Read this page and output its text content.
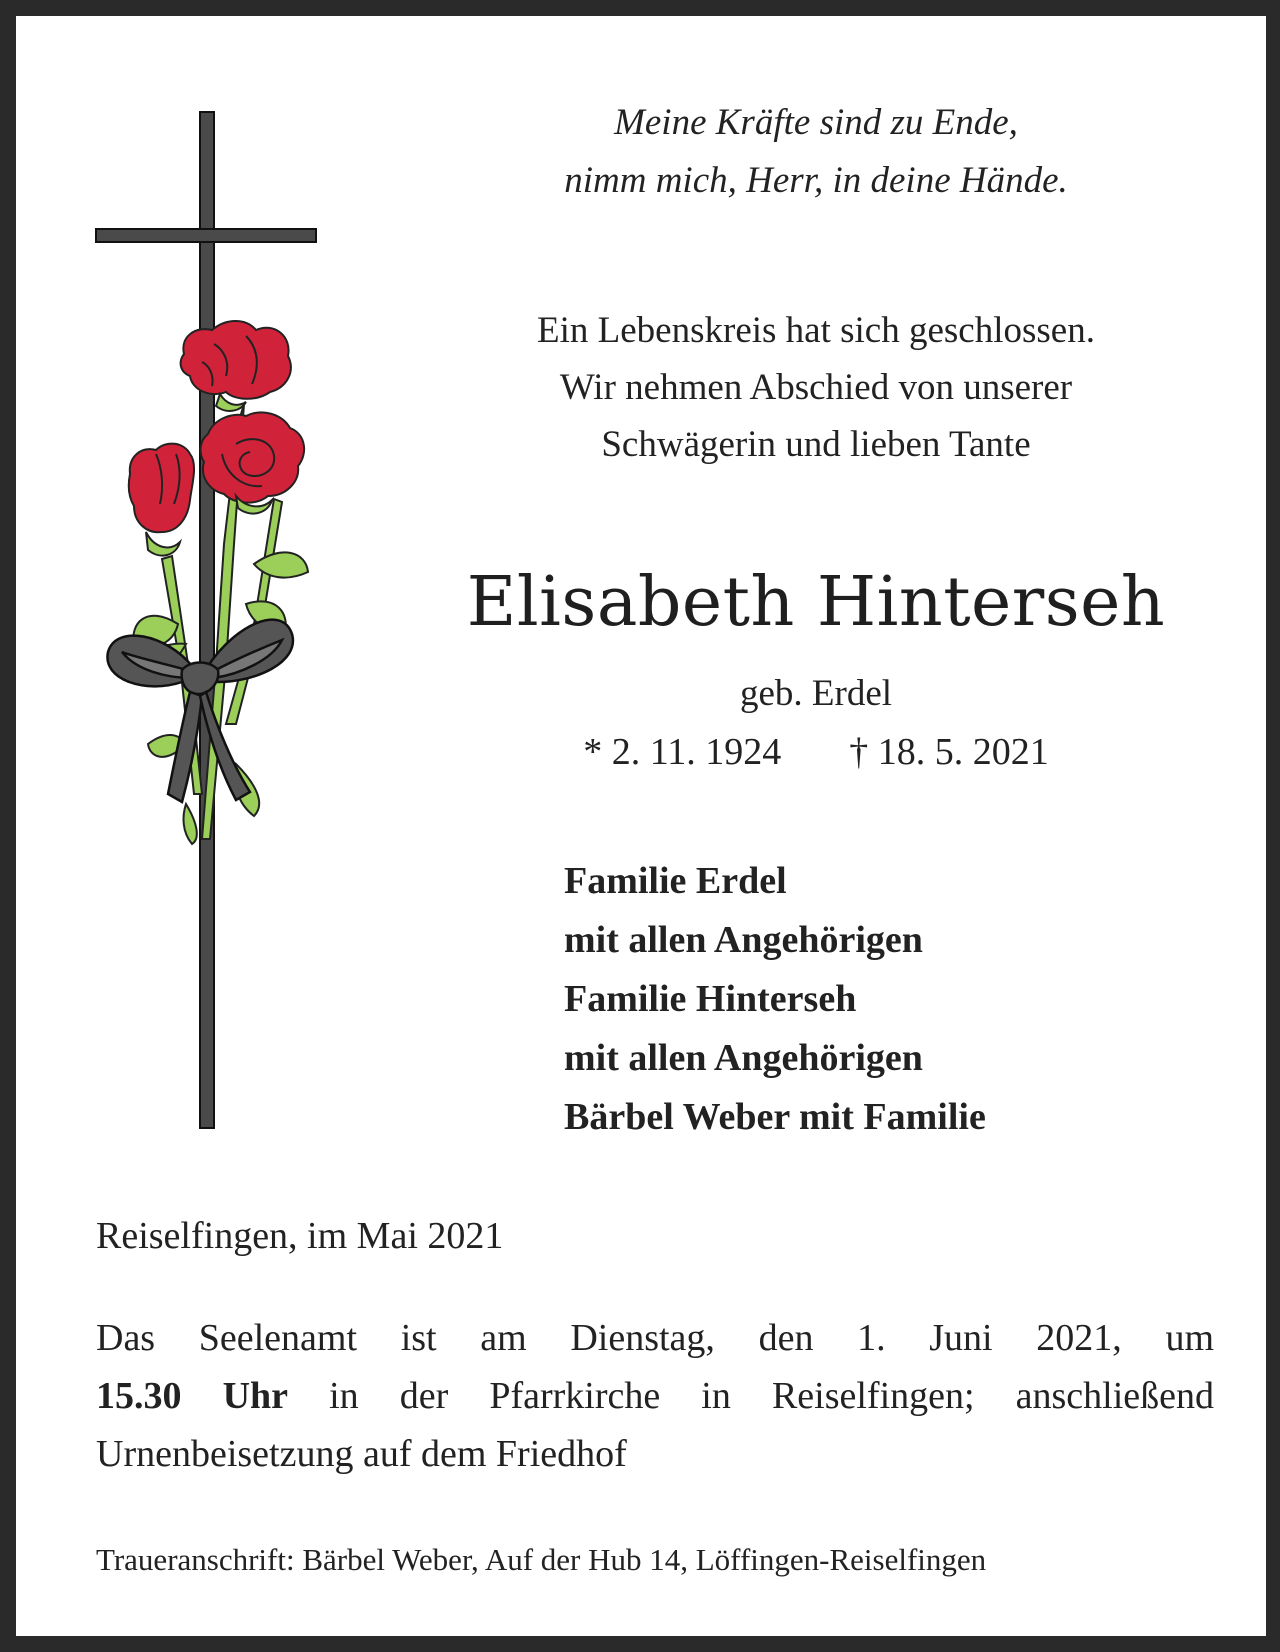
Meine Kräfte sind zu Ende,
nimm mich, Herr, in deine Hände.
Ein Lebenskreis hat sich geschlossen.
Wir nehmen Abschied von unserer
Schwägerin und lieben Tante
Elisabeth Hinterseh
geb. Erdel
* 2. 11. 1924 † 18. 5. 2021
Familie Erdel
mit allen Angehörigen
Familie Hinterseh
mit allen Angehörigen
Bärbel Weber mit Familie
Reiselfingen, im Mai 2021
Das Seelenamt ist am Dienstag, den 1. Juni 2021, um
15.30 Uhr in der Pfarrkirche in Reiselfingen; anschließend
Urnenbeisetzung auf dem Friedhof
Traueranschrift: Bärbel Weber, Auf der Hub 14, Löffingen-Reiselfingen
